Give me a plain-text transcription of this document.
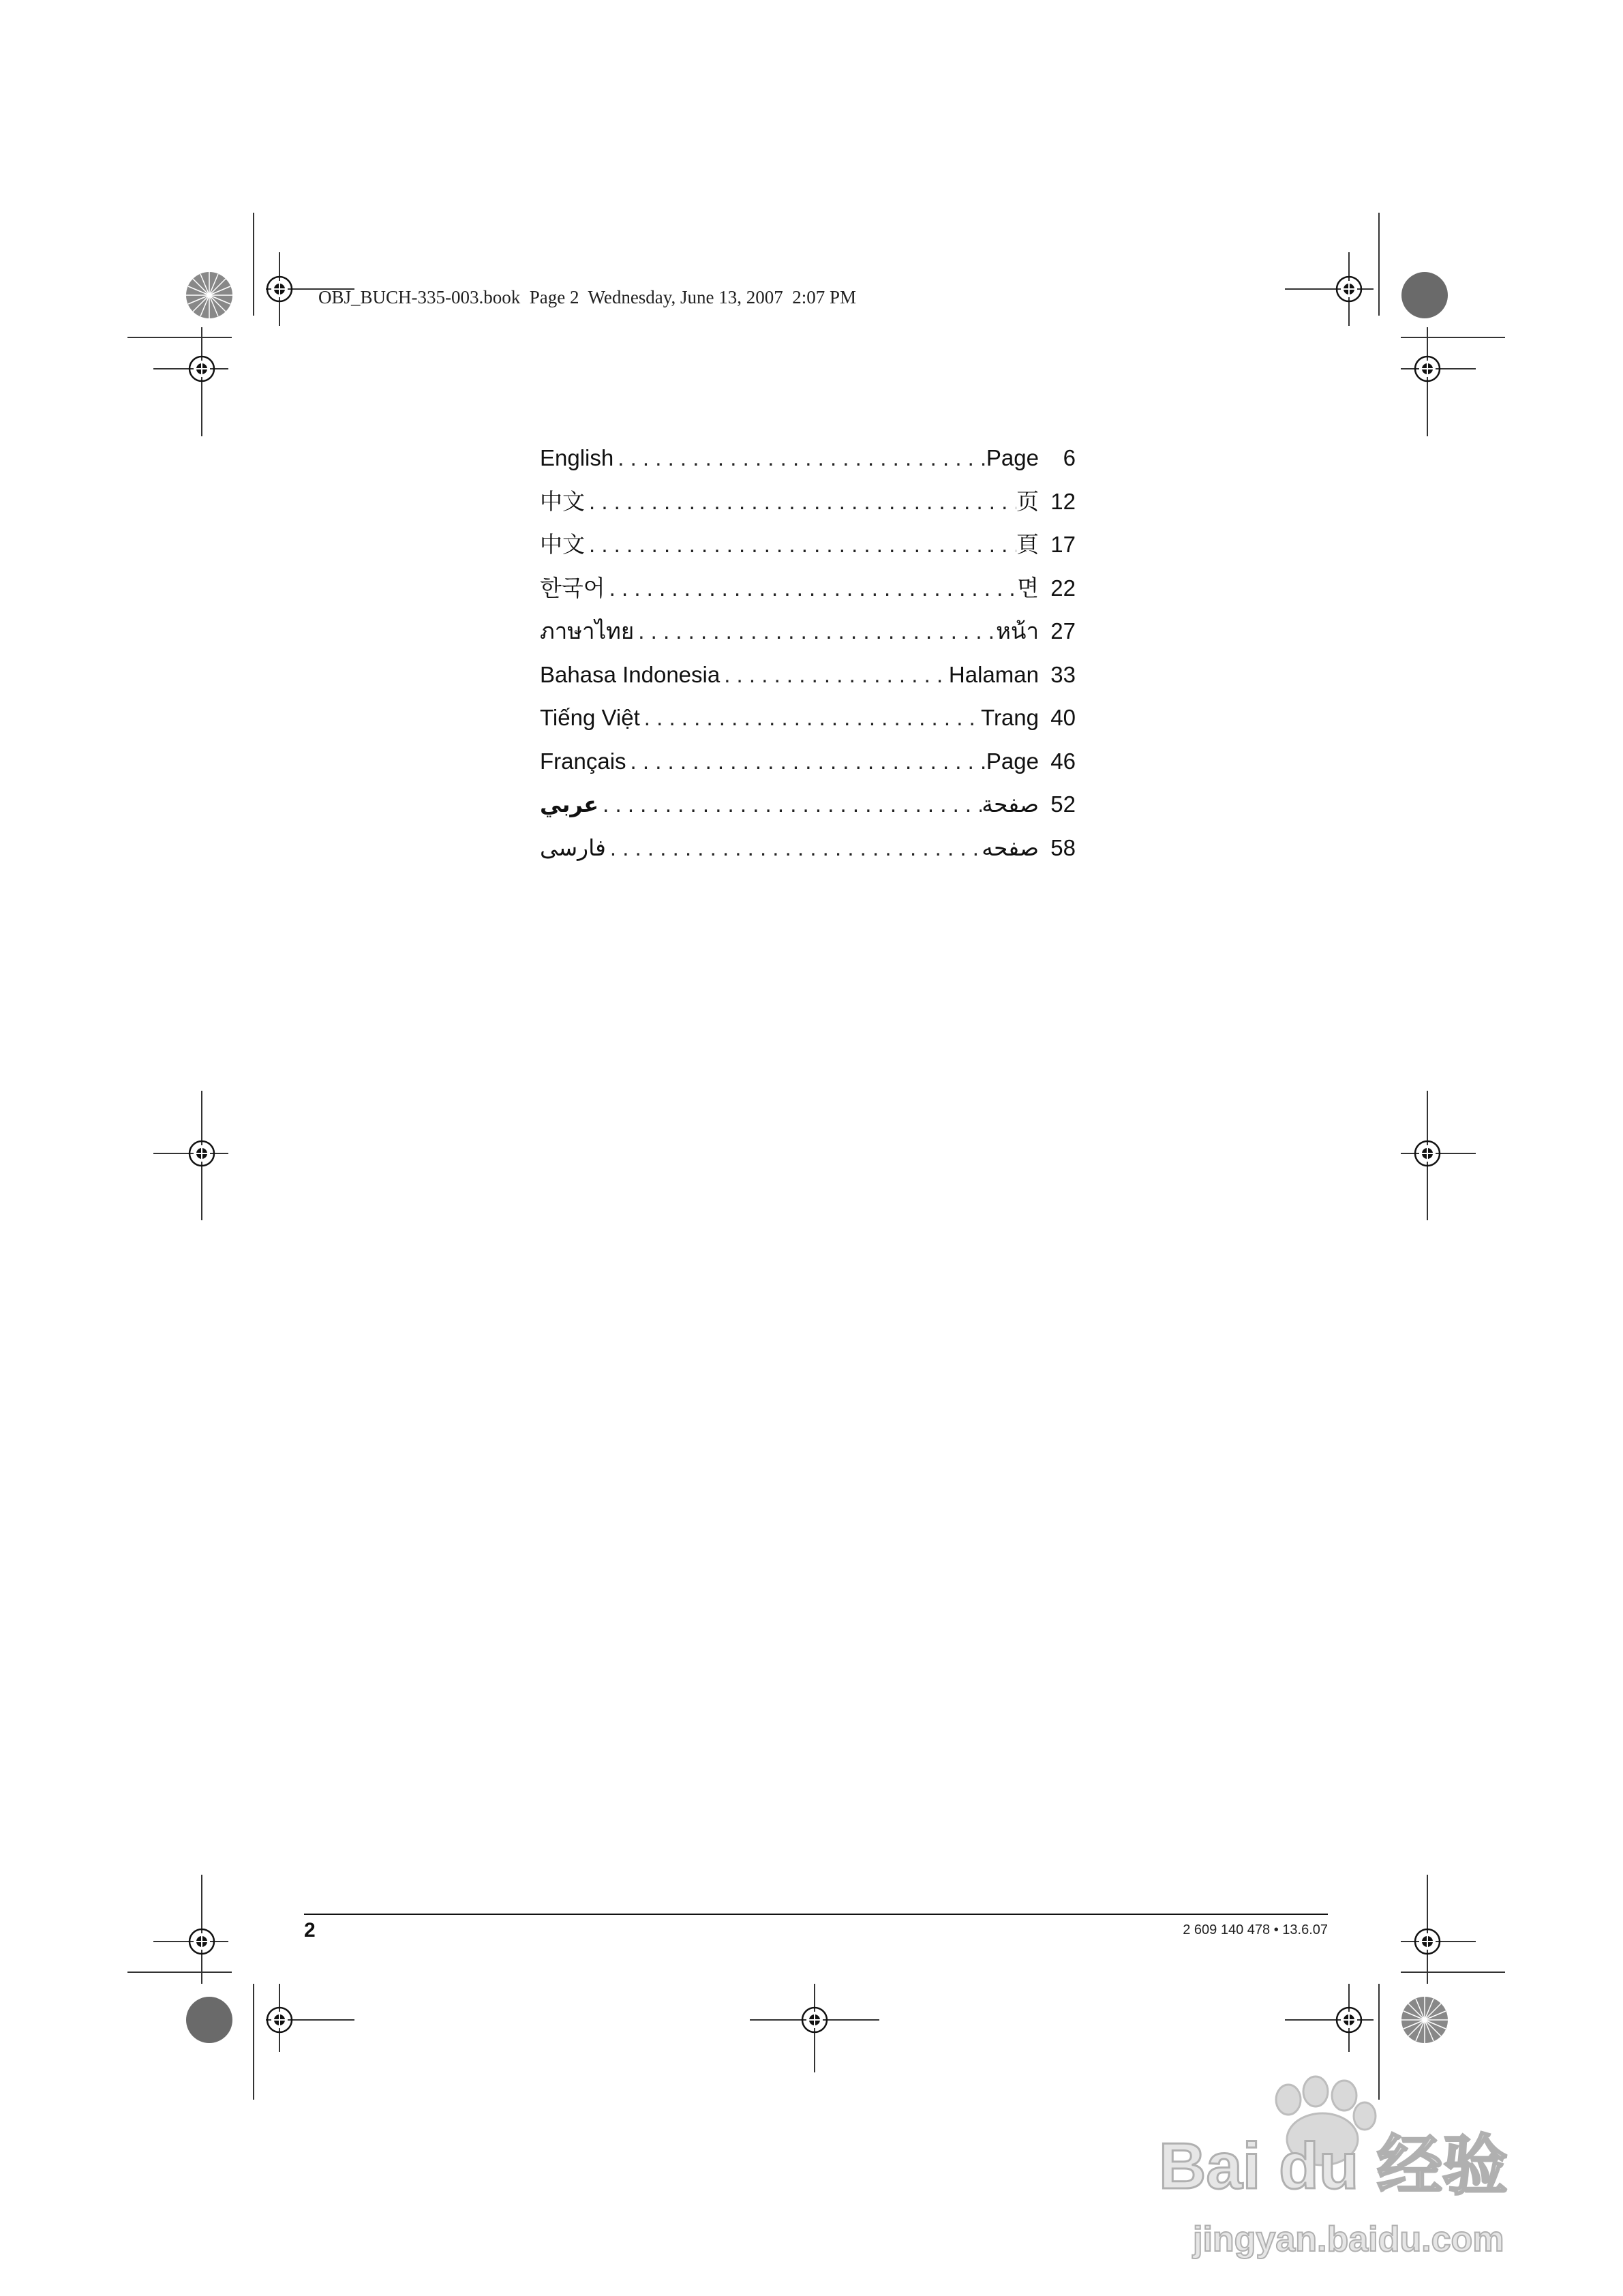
OBJ_BUCH-335-003.book  Page 2  Wednesday, June 13, 2007  2:07 PM
English . . .	Page	6
中文 . . .	页 12
中文 . . .	頁 17
한국어 . . .	면 22
ภาษาไทย . . .	หน้า 27
Bahasa Indonesia . . .	Halaman 33
Tiếng Việt . . .	Trang 40
Français . . .	Page 46
عربي . . .	صفحة 52
فارسی . . .	صفحه 58
2	2 609 140 478 • 13.6.07
Bai du 经验
jingyan.baidu.com
